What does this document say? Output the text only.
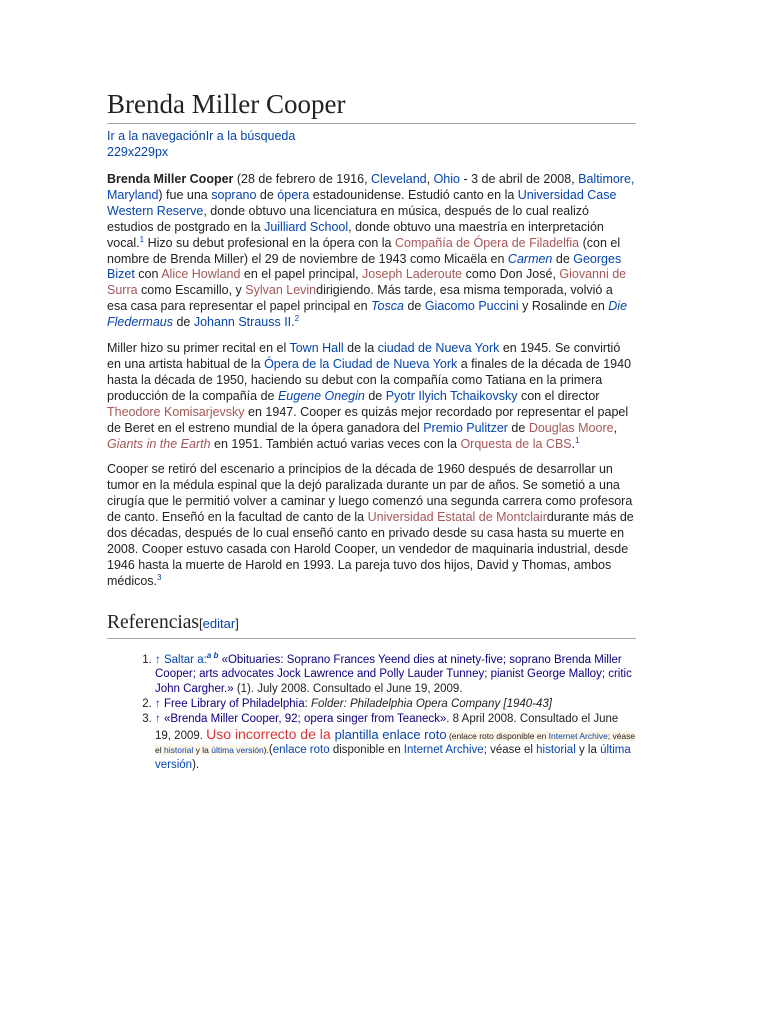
Brenda Miller Cooper
Ir a la navegaciónIr a la búsqueda
229x229px

Brenda Miller Cooper (28 de febrero de 1916, Cleveland, Ohio - 3 de abril de 2008, Baltimore, Maryland) fue una soprano de ópera estadounidense. Estudió canto en la Universidad Case Western Reserve, donde obtuvo una licenciatura en música, después de lo cual realizó estudios de postgrado en la Juilliard School, donde obtuvo una maestría en interpretación vocal.$^1$ Hizo su debut profesional en la ópera con la Compañía de Ópera de Filadelfia (con el nombre de Brenda Miller) el 29 de noviembre de 1943 como Micaëla en Carmen de Georges Bizet con Alice Howland en el papel principal, Joseph Laderoute como Don José, Giovanni de Surra como Escamillo, y Sylvan Levindirigiendo. Más tarde, esa misma temporada, volvió a esa casa para representar el papel principal en Tosca de Giacomo Puccini y Rosalinde en Die Fledermaus de Johann Strauss II.$^2$

Miller hizo su primer recital en el Town Hall de la ciudad de Nueva York en 1945. Se convirtió en una artista habitual de la Ópera de la Ciudad de Nueva York a finales de la década de 1940 hasta la década de 1950, haciendo su debut con la compañía como Tatiana en la primera producción de la compañía de Eugene Onegin de Pyotr Ilyich Tchaikovsky con el director Theodore Komisarjevsky en 1947. Cooper es quizás mejor recordado por representar el papel de Beret en el estreno mundial de la ópera ganadora del Premio Pulitzer de Douglas Moore, Giants in the Earth en 1951. También actuó varias veces con la Orquesta de la CBS.$^1$

Cooper se retiró del escenario a principios de la década de 1960 después de desarrollar un tumor en la médula espinal que la dejó paralizada durante un par de años. Se sometió a una cirugía que le permitió volver a caminar y luego comenzó una segunda carrera como profesora de canto. Enseñó en la facultad de canto de la Universidad Estatal de Montclairdurante más de dos décadas, después de lo cual enseñó canto en privado desde su casa hasta su muerte en 2008. Cooper estuvo casada con Harold Cooper, un vendedor de maquinaria industrial, desde 1946 hasta la muerte de Harold en 1993. La pareja tuvo dos hijos, David y Thomas, ambos médicos.$^3$

Referencias[editar]
1. ↑ Saltar a:$^{a b}$ «Obituaries: Soprano Frances Yeend dies at ninety-five; soprano Brenda Miller Cooper; arts advocates Jock Lawrence and Polly Lauder Tunney; pianist George Malloy; critic John Cargher.» (1). July 2008. Consultado el June 19, 2009.
2. ↑ Free Library of Philadelphia: Folder: Philadelphia Opera Company [1940-43]
3. ↑ «Brenda Miller Cooper, 92; opera singer from Teaneck». 8 April 2008. Consultado el June 19, 2009. Uso incorrecto de la plantilla enlace roto (enlace roto disponible en Internet Archive; véase el historial y la última versión).(enlace roto disponible en Internet Archive; véase el historial y la última versión).
